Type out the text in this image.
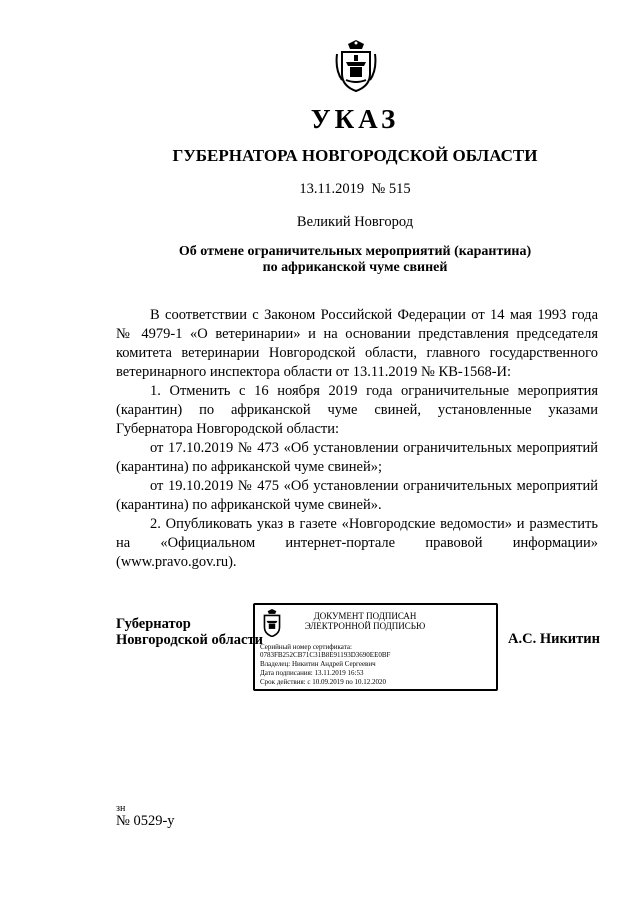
УКАЗ
ГУБЕРНАТОРА НОВГОРОДСКОЙ ОБЛАСТИ
13.11.2019  № 515
Великий Новгород
Об отмене ограничительных мероприятий (карантина)
по африканской чуме свиней

В соответствии с Законом Российской Федерации от 14 мая 1993 года № 4979-1 «О ветеринарии» и на основании представления председателя комитета ветеринарии Новгородской области, главного государственного ветеринарного инспектора области от 13.11.2019 № КВ-1568-И:

1. Отменить с 16 ноября 2019 года ограничительные мероприятия (карантин) по африканской чуме свиней, установленные указами Губернатора Новгородской области:

от 17.10.2019 № 473 «Об установлении ограничительных мероприятий (карантина) по африканской чуме свиней»;

от 19.10.2019 № 475 «Об установлении ограничительных мероприятий (карантина) по африканской чуме свиней».

2. Опубликовать указ в газете «Новгородские ведомости» и разместить на «Официальном интернет-портале правовой информации» (www.pravo.gov.ru).

Губернатор
Новгородской области
ДОКУМЕНТ ПОДПИСАН
ЭЛЕКТРОННОЙ ПОДПИСЬЮ
Серийный номер сертификата:
0783FB252CB71C31B8E91193D3690EE0BF
Владелец: Никитин Андрей Сергеевич
Дата подписания: 13.11.2019 16:53
Срок действия: с 10.09.2019 по 10.12.2020
А.С. Никитин
зн
№ 0529-у
